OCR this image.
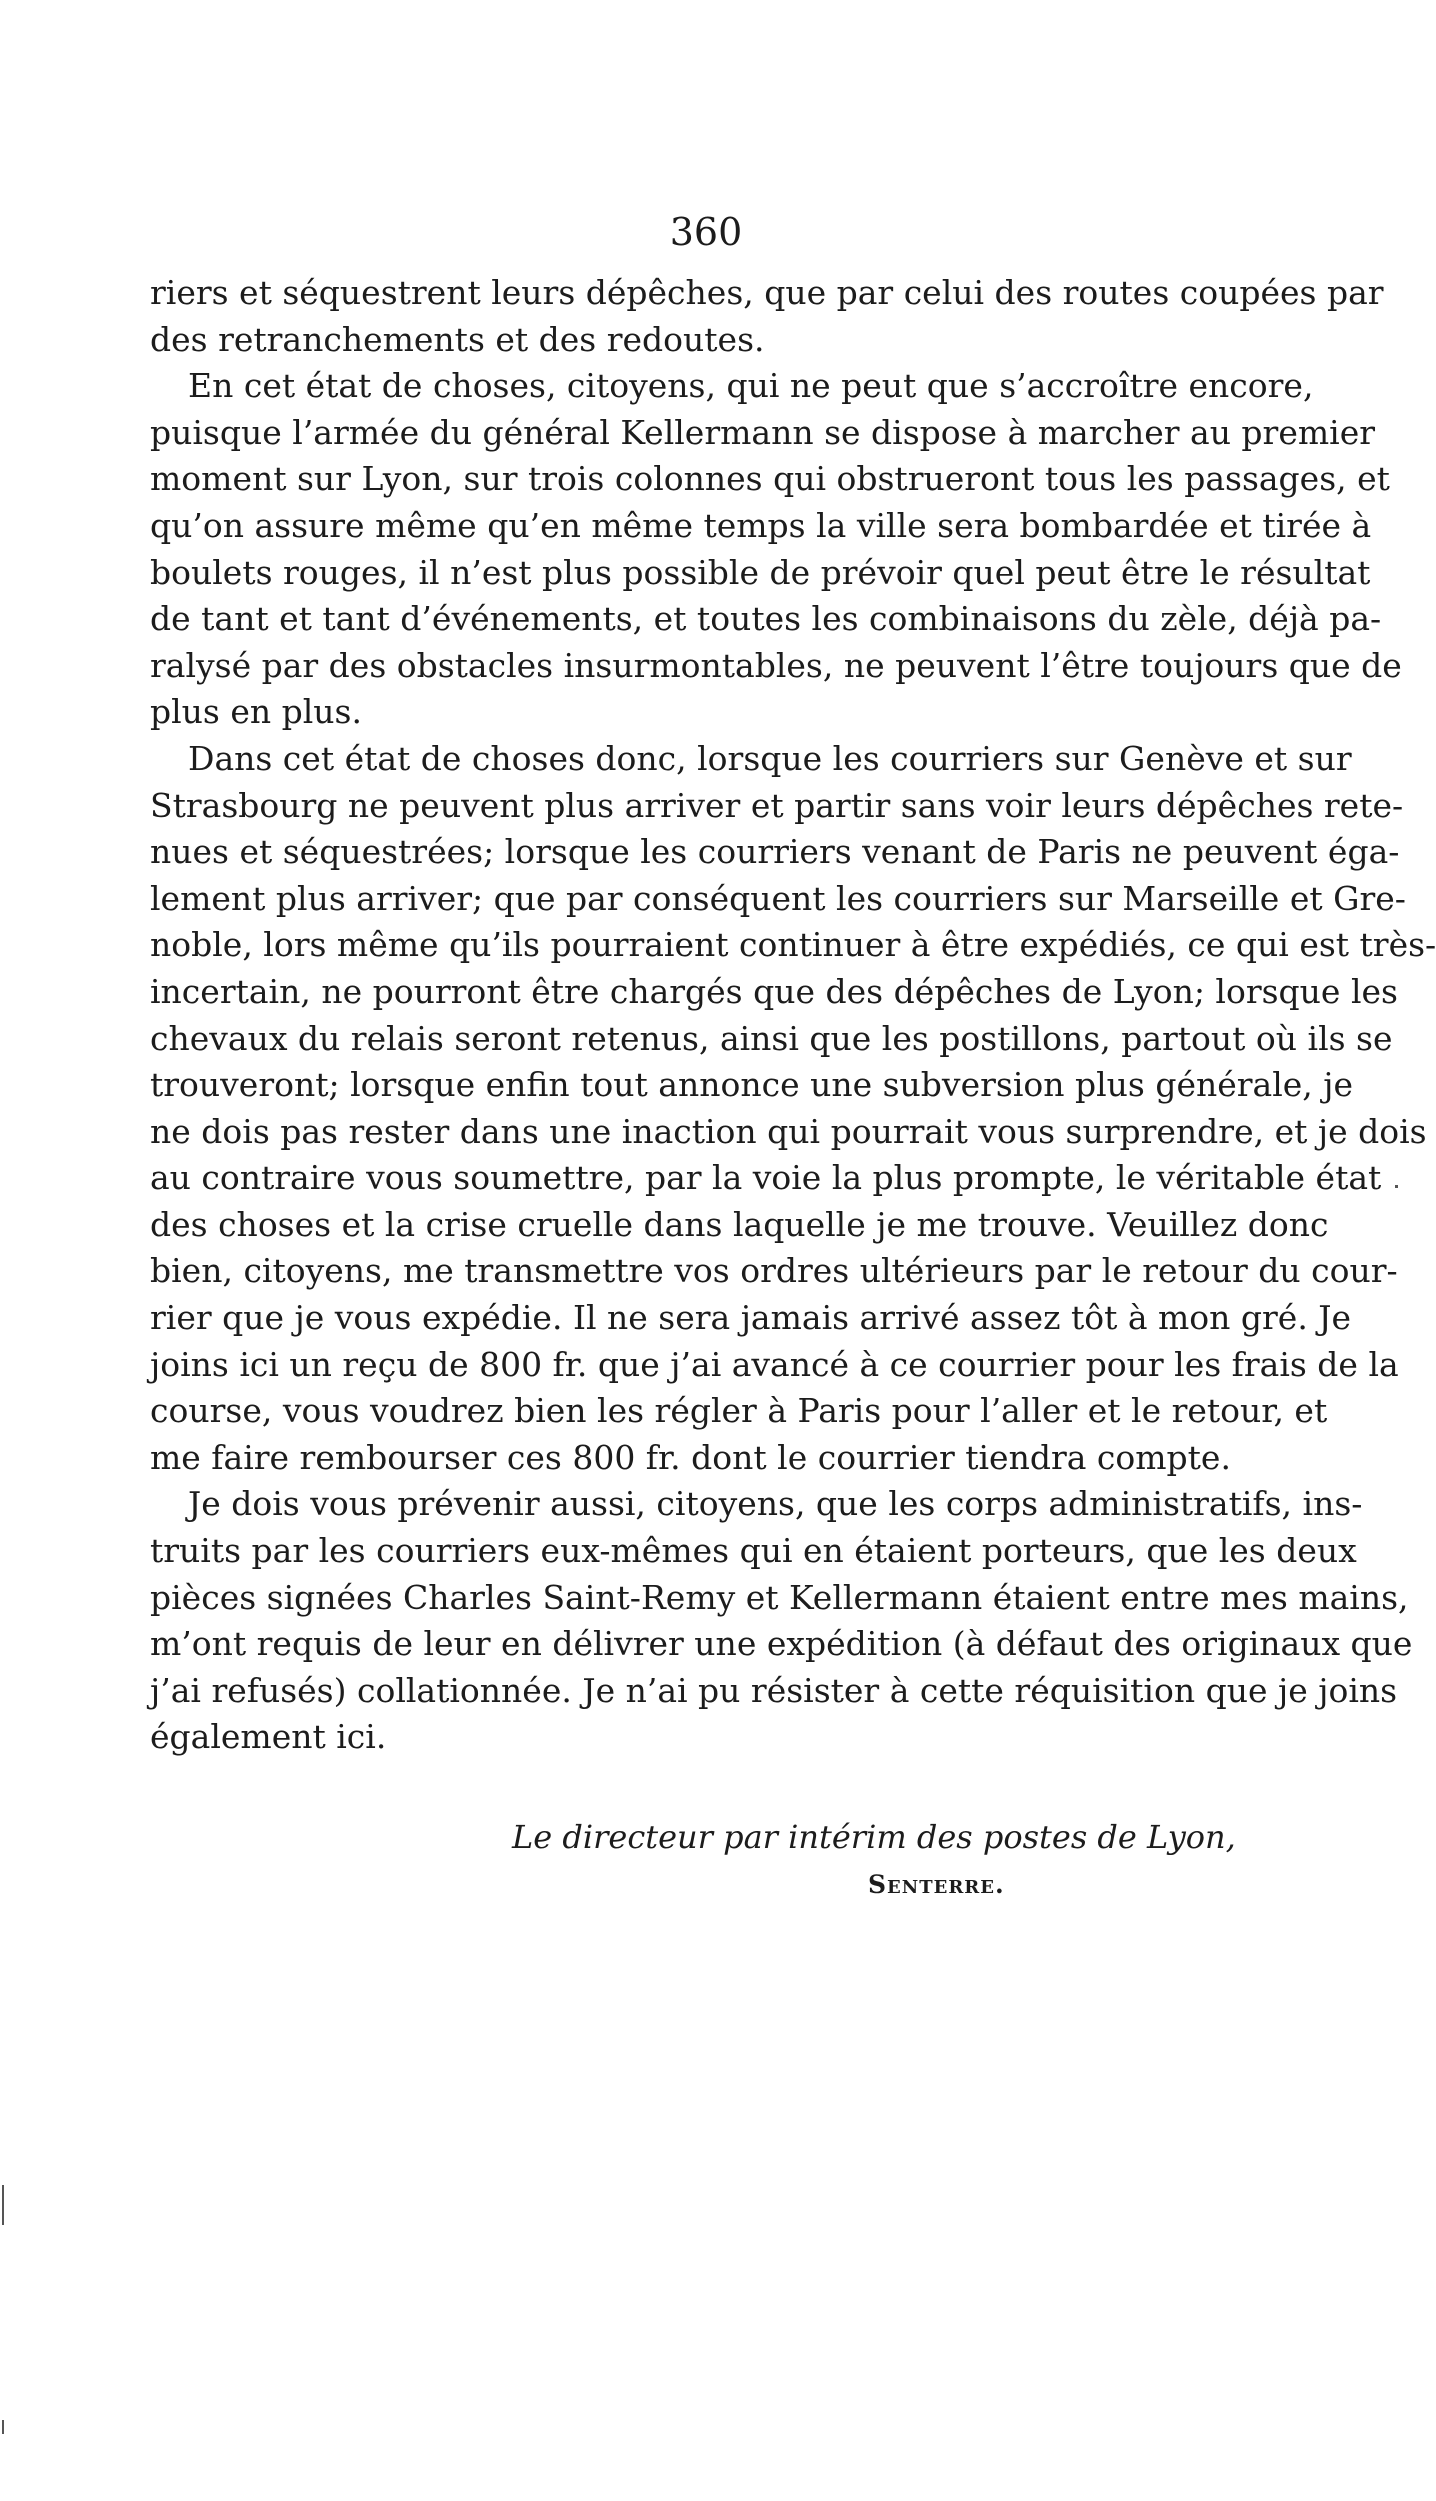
360
riers et séquestrent leurs dépêches, que par celui des routes coupées par
des retranchements et des redoutes.
En cet état de choses, citoyens, qui ne peut que s’accroître encore,
puisque l’armée du général Kellermann se dispose à marcher au premier
moment sur Lyon, sur trois colonnes qui obstrueront tous les passages, et
qu’on assure même qu’en même temps la ville sera bombardée et tirée à
boulets rouges, il n’est plus possible de prévoir quel peut être le résultat
de tant et tant d’événements, et toutes les combinaisons du zèle, déjà pa-
ralysé par des obstacles insurmontables, ne peuvent l’être toujours que de
plus en plus.
Dans cet état de choses donc, lorsque les courriers sur Genève et sur
Strasbourg ne peuvent plus arriver et partir sans voir leurs dépêches rete-
nues et séquestrées; lorsque les courriers venant de Paris ne peuvent éga-
lement plus arriver; que par conséquent les courriers sur Marseille et Gre-
noble, lors même qu’ils pourraient continuer à être expédiés, ce qui est très-
incertain, ne pourront être chargés que des dépêches de Lyon; lorsque les
chevaux du relais seront retenus, ainsi que les postillons, partout où ils se
trouveront; lorsque enfin tout annonce une subversion plus générale, je
ne dois pas rester dans une inaction qui pourrait vous surprendre, et je dois
au contraire vous soumettre, par la voie la plus prompte, le véritable état
des choses et la crise cruelle dans laquelle je me trouve. Veuillez donc
bien, citoyens, me transmettre vos ordres ultérieurs par le retour du cour-
rier que je vous expédie. Il ne sera jamais arrivé assez tôt à mon gré. Je
joins ici un reçu de 800 fr. que j’ai avancé à ce courrier pour les frais de la
course, vous voudrez bien les régler à Paris pour l’aller et le retour, et
me faire rembourser ces 800 fr. dont le courrier tiendra compte.
Je dois vous prévenir aussi, citoyens, que les corps administratifs, ins-
truits par les courriers eux-mêmes qui en étaient porteurs, que les deux
pièces signées Charles Saint-Remy et Kellermann étaient entre mes mains,
m’ont requis de leur en délivrer une expédition (à défaut des originaux que
j’ai refusés) collationnée. Je n’ai pu résister à cette réquisition que je joins
également ici.
Le directeur par intérim des postes de Lyon,
Senterre.
